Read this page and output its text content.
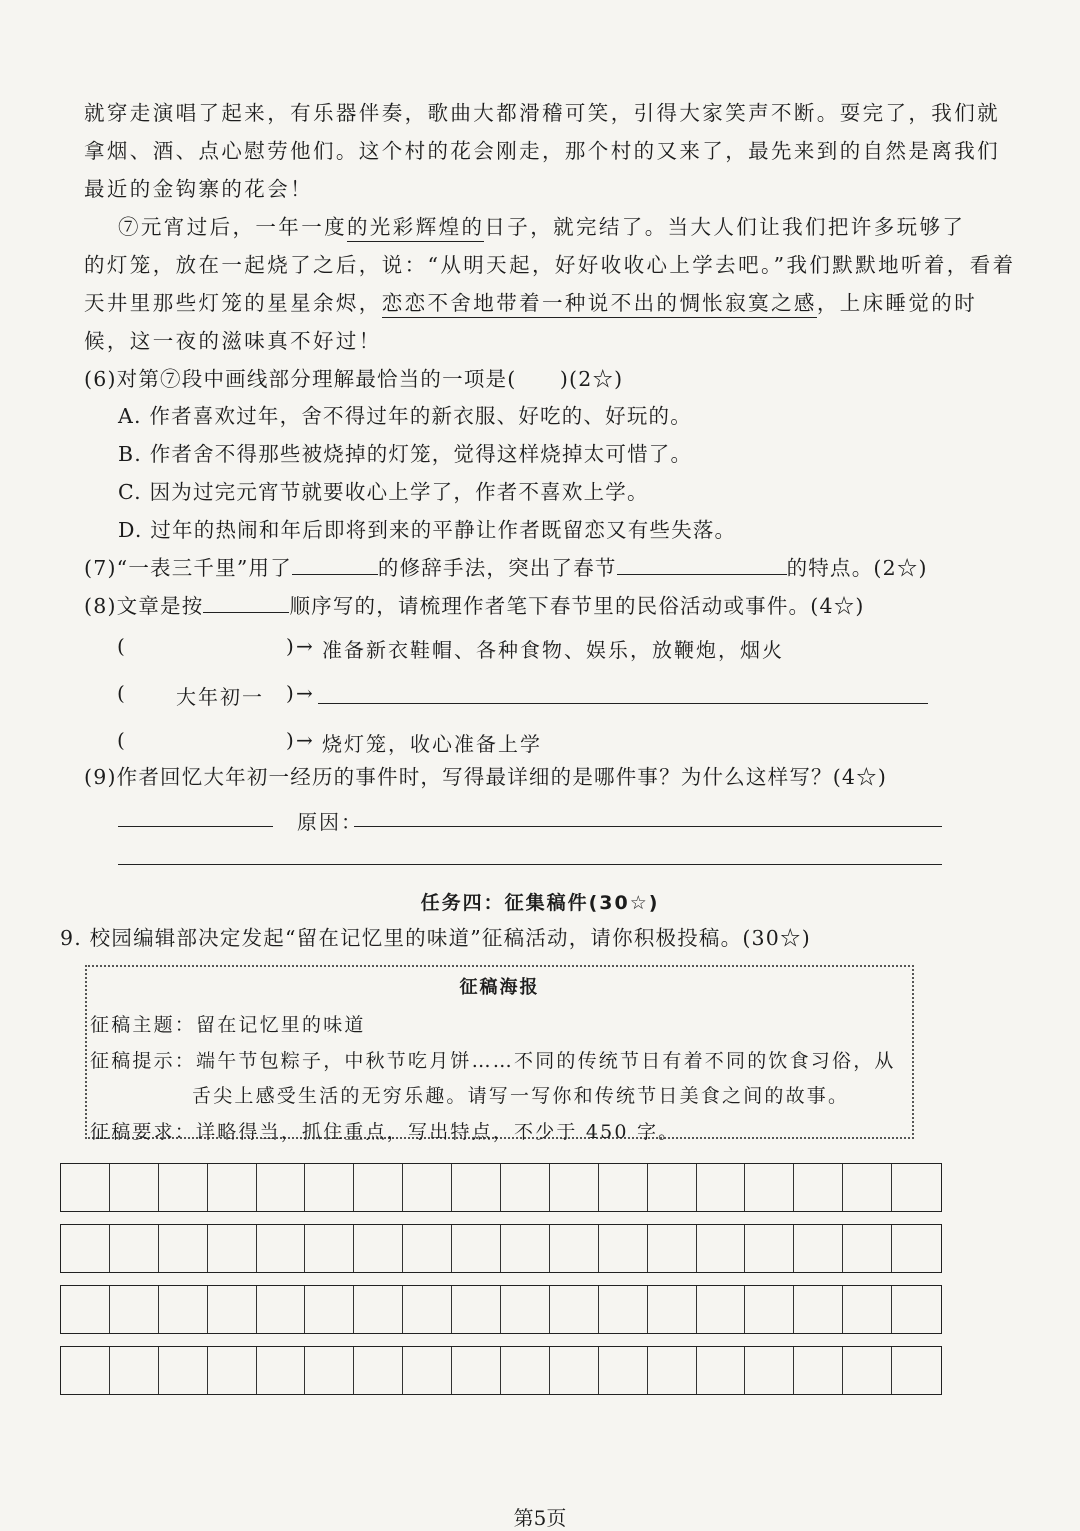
就穿走演唱了起来，有乐器伴奏，歌曲大都滑稽可笑，引得大家笑声不断。耍完了，我们就
拿烟、酒、点心慰劳他们。这个村的花会刚走，那个村的又来了，最先来到的自然是离我们
最近的金钩寨的花会！
⑦元宵过后，一年一度的光彩辉煌的日子，就完结了。当大人们让我们把许多玩够了
的灯笼，放在一起烧了之后，说：“从明天起，好好收收心上学去吧。”我们默默地听着，看着
天井里那些灯笼的星星余烬，恋恋不舍地带着一种说不出的惆怅寂寞之感，上床睡觉的时
候，这一夜的滋味真不好过！
(6)对第⑦段中画线部分理解最恰当的一项是(　　)(2☆)
A. 作者喜欢过年，舍不得过年的新衣服、好吃的、好玩的。
B. 作者舍不得那些被烧掉的灯笼，觉得这样烧掉太可惜了。
C. 因为过完元宵节就要收心上学了，作者不喜欢上学。
D. 过年的热闹和年后即将到来的平静让作者既留恋又有些失落。
(7)“一表三千里”用了	的修辞手法，突出了春节	的特点。(2☆)
(8)文章是按	顺序写的，请梳理作者笔下春节里的民俗活动或事件。(4☆)
(	) → 准备新衣鞋帽、各种食物、娱乐，放鞭炮，烟火
(	大年初一 ) →
(	) → 烧灯笼，收心准备上学
(9)作者回忆大年初一经历的事件时，写得最详细的是哪件事？为什么这样写？(4☆)
原因：
任务四：征集稿件(30☆)
9. 校园编辑部决定发起“留在记忆里的味道”征稿活动，请你积极投稿。(30☆)
征稿海报
征稿主题：留在记忆里的味道
征稿提示：端午节包粽子，中秋节吃月饼……不同的传统节日有着不同的饮食习俗，从
舌尖上感受生活的无穷乐趣。请写一写你和传统节日美食之间的故事。
征稿要求：详略得当，抓住重点，写出特点，不少于 450 字。
第5页
